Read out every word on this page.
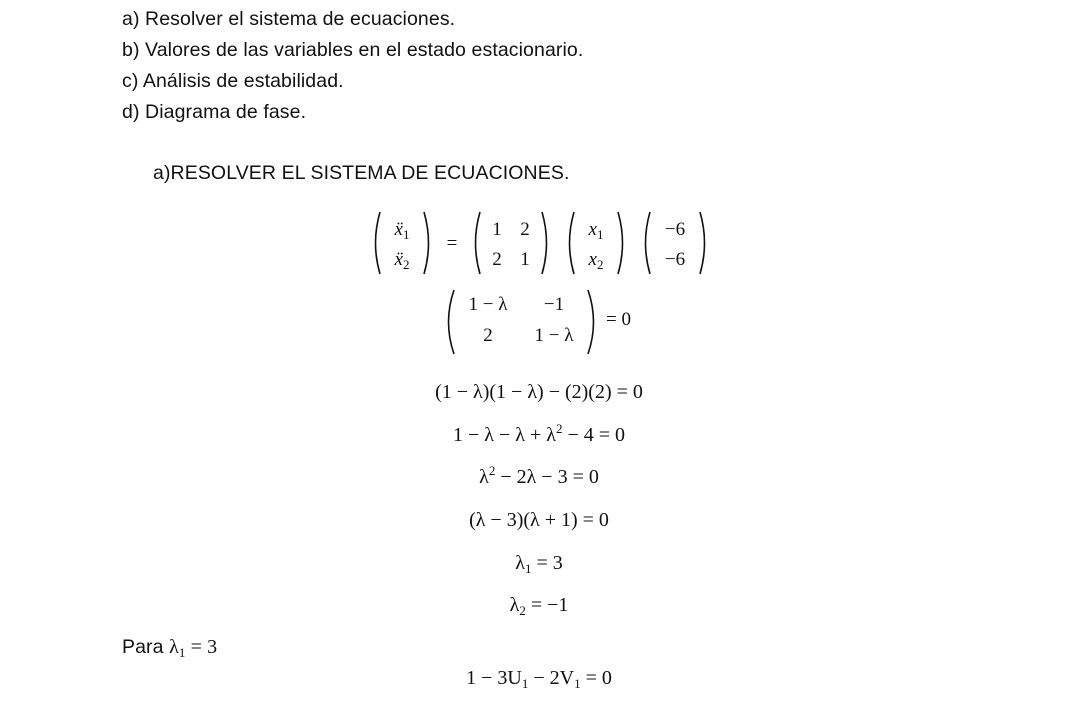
a) Resolver el sistema de ecuaciones.
b) Valores de las variables en el estado estacionario.
c) Análisis de estabilidad.
d) Diagrama de fase.
a)RESOLVER EL SISTEMA DE ECUACIONES.
ẍ$_1$
ẍ$_2$
=
1 2
2 1
$x_1$
$x_2$
−6
−6
1 − λ	−1
2	1 − λ
= 0
(1 − λ)(1 − λ) − (2)(2) = 0
$1 - \lambda - \lambda + \lambda^2 - 4 = 0$
$\lambda^2 - 2\lambda - 3 = 0$
(λ − 3)(λ + 1) = 0
$\lambda_1 = 3$
$\lambda_2 = -1$
Para $\lambda_1 = 3$
$1 - 3U_1 - 2V_1 = 0$
